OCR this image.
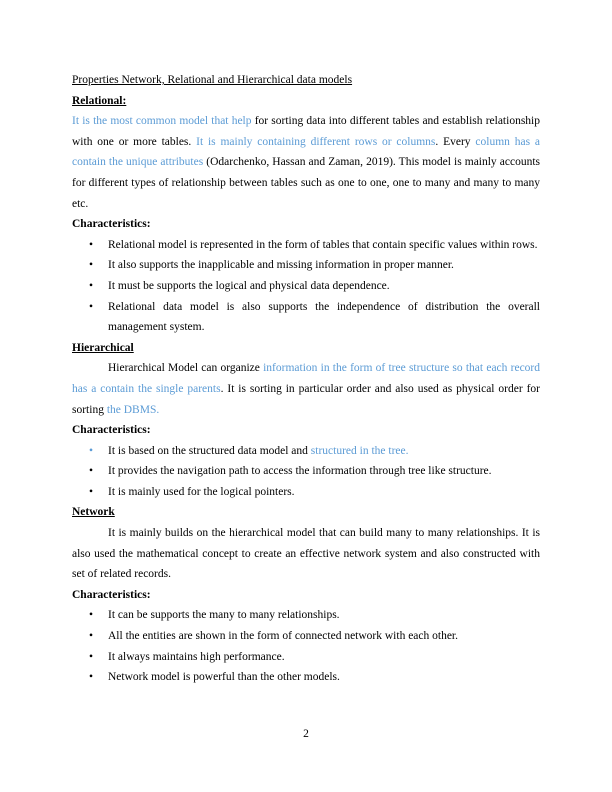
Properties Network, Relational and Hierarchical data models

Relational:

It is the most common model that help for sorting data into different tables and establish relationship with one or more tables. It is mainly containing different rows or columns. Every column has a contain the unique attributes (Odarchenko, Hassan and Zaman, 2019). This model is mainly accounts for different types of relationship between tables such as one to one, one to many and many to many etc.

Characteristics:

• Relational model is represented in the form of tables that contain specific values within rows.
• It also supports the inapplicable and missing information in proper manner.
• It must be supports the logical and physical data dependence.
• Relational data model is also supports the independence of distribution the overall management system.

Hierarchical

Hierarchical Model can organize information in the form of tree structure so that each record has a contain the single parents. It is sorting in particular order and also used as physical order for sorting the DBMS.

Characteristics:

• It is based on the structured data model and structured in the tree.
• It provides the navigation path to access the information through tree like structure.
• It is mainly used for the logical pointers.

Network

It is mainly builds on the hierarchical model that can build many to many relationships. It is also used the mathematical concept to create an effective network system and also constructed with set of related records.

Characteristics:

• It can be supports the many to many relationships.
• All the entities are shown in the form of connected network with each other.
• It always maintains high performance.
• Network model is powerful than the other models.
2
